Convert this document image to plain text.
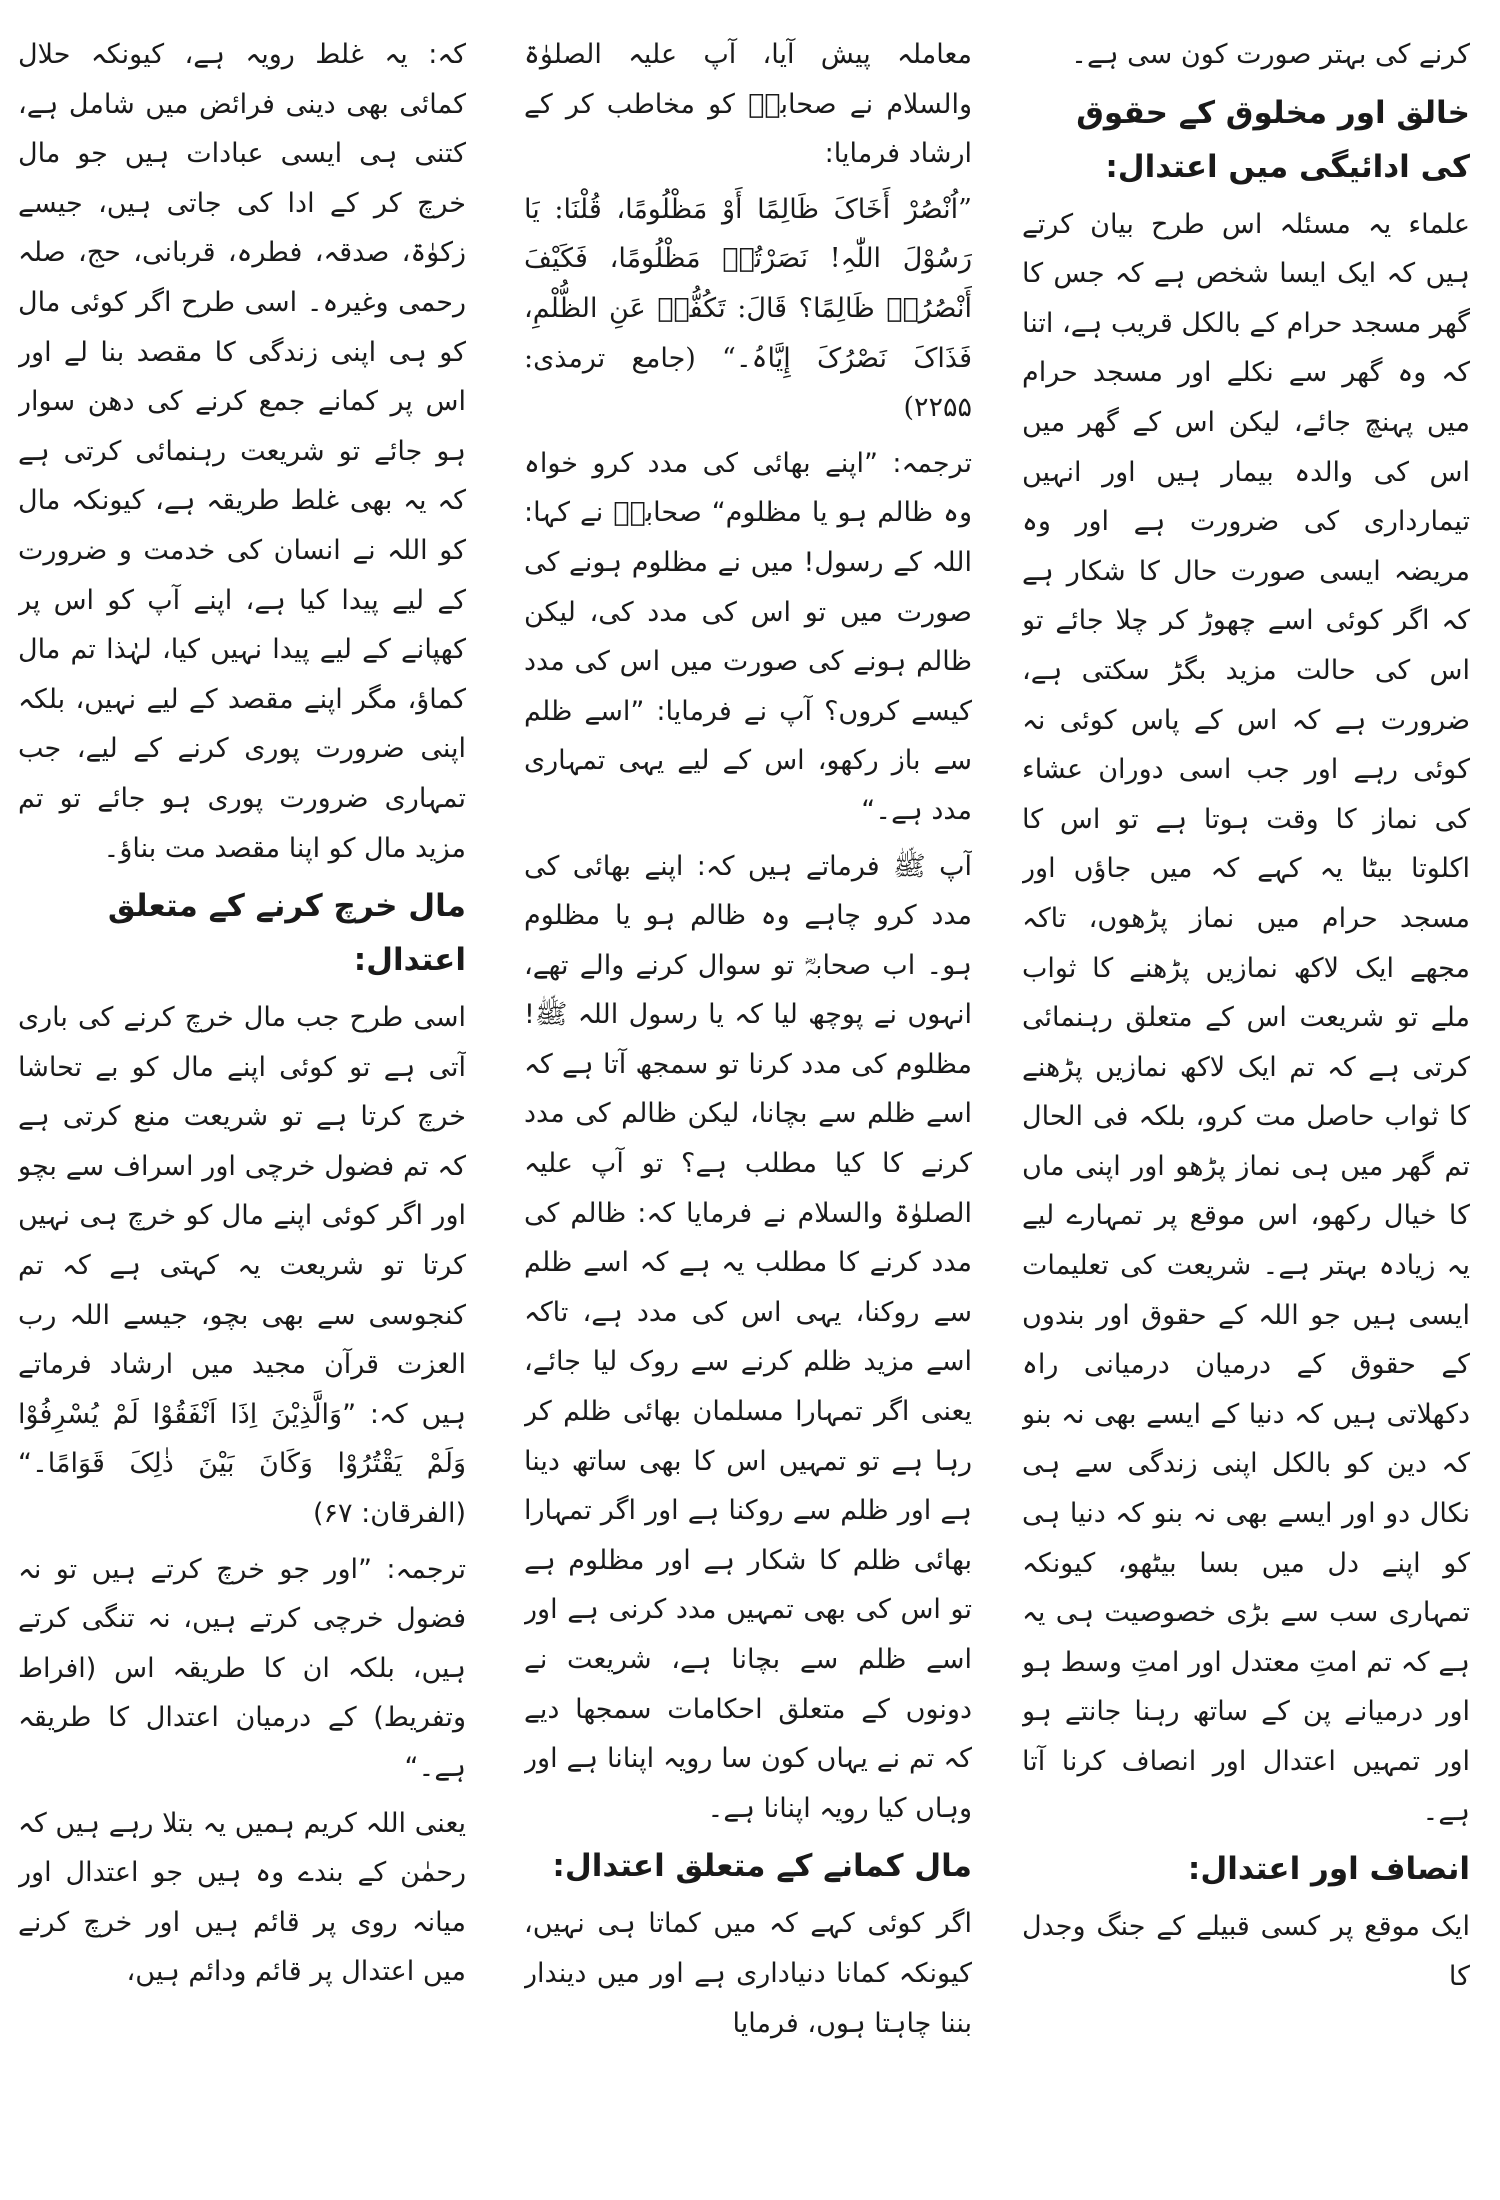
کرنے کی بہتر صورت کون سی ہے۔

خالق اور مخلوق کے حقوق کی ادائیگی میں اعتدال:

علماء یہ مسئلہ اس طرح بیان کرتے ہیں کہ ایک ایسا شخص ہے کہ جس کا گھر مسجد حرام کے بالکل قریب ہے، اتنا کہ وہ گھر سے نکلے اور مسجد حرام میں پہنچ جائے، لیکن اس کے گھر میں اس کی والدہ بیمار ہیں اور انہیں تیمارداری کی ضرورت ہے اور وہ مریضہ ایسی صورت حال کا شکار ہے کہ اگر کوئی اسے چھوڑ کر چلا جائے تو اس کی حالت مزید بگڑ سکتی ہے، ضرورت ہے کہ اس کے پاس کوئی نہ کوئی رہے اور جب اسی دوران عشاء کی نماز کا وقت ہوتا ہے تو اس کا اکلوتا بیٹا یہ کہے کہ میں جاؤں اور مسجد حرام میں نماز پڑھوں، تاکہ مجھے ایک لاکھ نمازیں پڑھنے کا ثواب ملے تو شریعت اس کے متعلق رہنمائی کرتی ہے کہ تم ایک لاکھ نمازیں پڑھنے کا ثواب حاصل مت کرو، بلکہ فی الحال تم گھر میں ہی نماز پڑھو اور اپنی ماں کا خیال رکھو، اس موقع پر تمہارے لیے یہ زیادہ بہتر ہے۔ شریعت کی تعلیمات ایسی ہیں جو اللہ کے حقوق اور بندوں کے حقوق کے درمیان درمیانی راہ دکھلاتی ہیں کہ دنیا کے ایسے بھی نہ بنو کہ دین کو بالکل اپنی زندگی سے ہی نکال دو اور ایسے بھی نہ بنو کہ دنیا ہی کو اپنے دل میں بسا بیٹھو، کیونکہ تمہاری سب سے بڑی خصوصیت ہی یہ ہے کہ تم امتِ معتدل اور امتِ وسط ہو اور درمیانے پن کے ساتھ رہنا جانتے ہو اور تمہیں اعتدال اور انصاف کرنا آتا ہے۔

انصاف اور اعتدال:

ایک موقع پر کسی قبیلے کے جنگ وجدل کا

معاملہ پیش آیا، آپ علیہ الصلوٰۃ والسلام نے صحابہؓ کو مخاطب کر کے ارشاد فرمایا:

”اُنْصُرْ أَخَاکَ ظَالِمًا أَوْ مَظْلُومًا، قُلْنَا: یَا رَسُوْلَ اللّٰہِ! نَصَرْتُہٗ مَظْلُومًا، فَکَیْفَ أَنْصُرُہٗ ظَالِمًا؟ قَالَ: تَکُفُّہٗ عَنِ الظُّلْمِ، فَذَاکَ نَصْرُکَ إِیَّاہُ۔“ (جامع ترمذی: ۲۲۵۵)

ترجمہ: ”اپنے بھائی کی مدد کرو خواہ وہ ظالم ہو یا مظلوم“ صحابہؓ نے کہا: اللہ کے رسول! میں نے مظلوم ہونے کی صورت میں تو اس کی مدد کی، لیکن ظالم ہونے کی صورت میں اس کی مدد کیسے کروں؟ آپ نے فرمایا: ”اسے ظلم سے باز رکھو، اس کے لیے یہی تمہاری مدد ہے۔“

آپ ﷺ فرماتے ہیں کہ: اپنے بھائی کی مدد کرو چاہے وہ ظالم ہو یا مظلوم ہو۔ اب صحابہؓ تو سوال کرنے والے تھے، انہوں نے پوچھ لیا کہ یا رسول اللہ ﷺ! مظلوم کی مدد کرنا تو سمجھ آتا ہے کہ اسے ظلم سے بچانا، لیکن ظالم کی مدد کرنے کا کیا مطلب ہے؟ تو آپ علیہ الصلوٰۃ والسلام نے فرمایا کہ: ظالم کی مدد کرنے کا مطلب یہ ہے کہ اسے ظلم سے روکنا، یہی اس کی مدد ہے، تاکہ اسے مزید ظلم کرنے سے روک لیا جائے، یعنی اگر تمہارا مسلمان بھائی ظلم کر رہا ہے تو تمہیں اس کا بھی ساتھ دینا ہے اور ظلم سے روکنا ہے اور اگر تمہارا بھائی ظلم کا شکار ہے اور مظلوم ہے تو اس کی بھی تمہیں مدد کرنی ہے اور اسے ظلم سے بچانا ہے، شریعت نے دونوں کے متعلق احکامات سمجھا دیے کہ تم نے یہاں کون سا رویہ اپنانا ہے اور وہاں کیا رویہ اپنانا ہے۔

مال کمانے کے متعلق اعتدال:

اگر کوئی کہے کہ میں کماتا ہی نہیں، کیونکہ کمانا دنیاداری ہے اور میں دیندار بننا چاہتا ہوں، فرمایا

کہ: یہ غلط رویہ ہے، کیونکہ حلال کمائی بھی دینی فرائض میں شامل ہے، کتنی ہی ایسی عبادات ہیں جو مال خرچ کر کے ادا کی جاتی ہیں، جیسے زکوٰۃ، صدقہ، فطرہ، قربانی، حج، صلہ رحمی وغیرہ۔ اسی طرح اگر کوئی مال کو ہی اپنی زندگی کا مقصد بنا لے اور اس پر کمانے جمع کرنے کی دھن سوار ہو جائے تو شریعت رہنمائی کرتی ہے کہ یہ بھی غلط طریقہ ہے، کیونکہ مال کو اللہ نے انسان کی خدمت و ضرورت کے لیے پیدا کیا ہے، اپنے آپ کو اس پر کھپانے کے لیے پیدا نہیں کیا، لہٰذا تم مال کماؤ، مگر اپنے مقصد کے لیے نہیں، بلکہ اپنی ضرورت پوری کرنے کے لیے، جب تمہاری ضرورت پوری ہو جائے تو تم مزید مال کو اپنا مقصد مت بناؤ۔

مال خرچ کرنے کے متعلق اعتدال:

اسی طرح جب مال خرچ کرنے کی باری آتی ہے تو کوئی اپنے مال کو بے تحاشا خرچ کرتا ہے تو شریعت منع کرتی ہے کہ تم فضول خرچی اور اسراف سے بچو اور اگر کوئی اپنے مال کو خرچ ہی نہیں کرتا تو شریعت یہ کہتی ہے کہ تم کنجوسی سے بھی بچو، جیسے اللہ رب العزت قرآن مجید میں ارشاد فرماتے ہیں کہ: ”وَالَّذِیْنَ اِذَا اَنْفَقُوْا لَمْ یُسْرِفُوْا وَلَمْ یَقْتُرُوْا وَکَانَ بَیْنَ ذٰلِکَ قَوَامًا۔“ (الفرقان: ۶۷)

ترجمہ: ”اور جو خرچ کرتے ہیں تو نہ فضول خرچی کرتے ہیں، نہ تنگی کرتے ہیں، بلکہ ان کا طریقہ اس (افراط وتفریط) کے درمیان اعتدال کا طریقہ ہے۔“

یعنی اللہ کریم ہمیں یہ بتلا رہے ہیں کہ رحمٰن کے بندے وہ ہیں جو اعتدال اور میانہ روی پر قائم ہیں اور خرچ کرنے میں اعتدال پر قائم ودائم ہیں،
